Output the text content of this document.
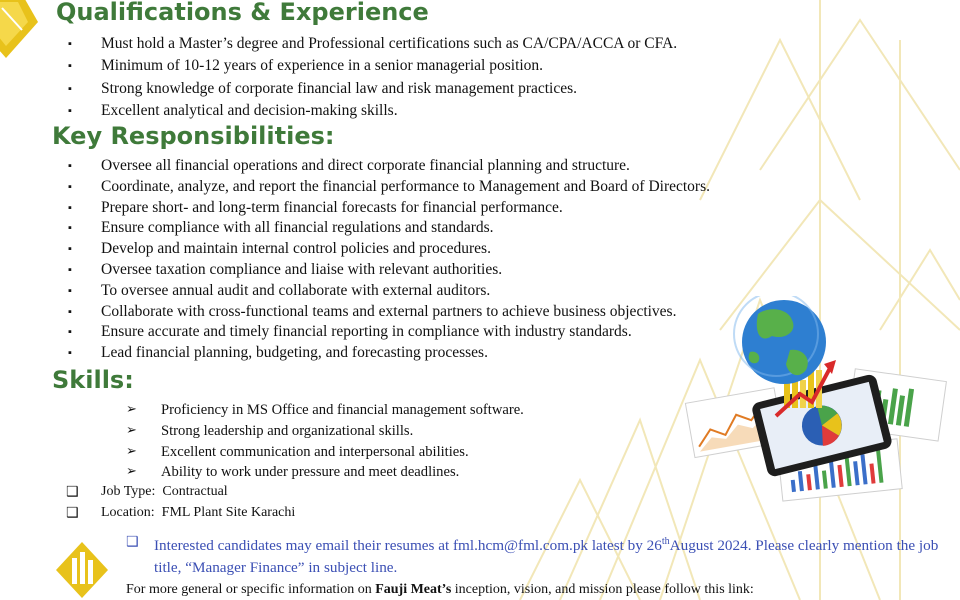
Qualifications & Experience
▪ Must hold a Master’s degree and Professional certifications such as CA/CPA/ACCA or CFA.
▪ Minimum of 10-12 years of experience in a senior managerial position.
▪ Strong knowledge of corporate financial law and risk management practices.
▪ Excellent analytical and decision-making skills.
Key Responsibilities:
▪ Oversee all financial operations and direct corporate financial planning and structure.
▪ Coordinate, analyze, and report the financial performance to Management and Board of Directors.
▪ Prepare short- and long-term financial forecasts for financial performance.
▪ Ensure compliance with all financial regulations and standards.
▪ Develop and maintain internal control policies and procedures.
▪ Oversee taxation compliance and liaise with relevant authorities.
▪ To oversee annual audit and collaborate with external auditors.
▪ Collaborate with cross-functional teams and external partners to achieve business objectives.
▪ Ensure accurate and timely financial reporting in compliance with industry standards.
▪ Lead financial planning, budgeting, and forecasting processes.
Skills:
➢ Proficiency in MS Office and financial management software.
➢ Strong leadership and organizational skills.
➢ Excellent communication and interpersonal abilities.
➢ Ability to work under pressure and meet deadlines.
❑ Job Type: Contractual
❑ Location: FML Plant Site Karachi
❑	Interested candidates may email their resumes at fml.hcm@fml.com.pk latest by 26thAugust 2024. Please clearly mention the job title, “Manager Finance” in subject line.
For more general or specific information on Fauji Meat’s inception, vision, and mission please follow this link:
